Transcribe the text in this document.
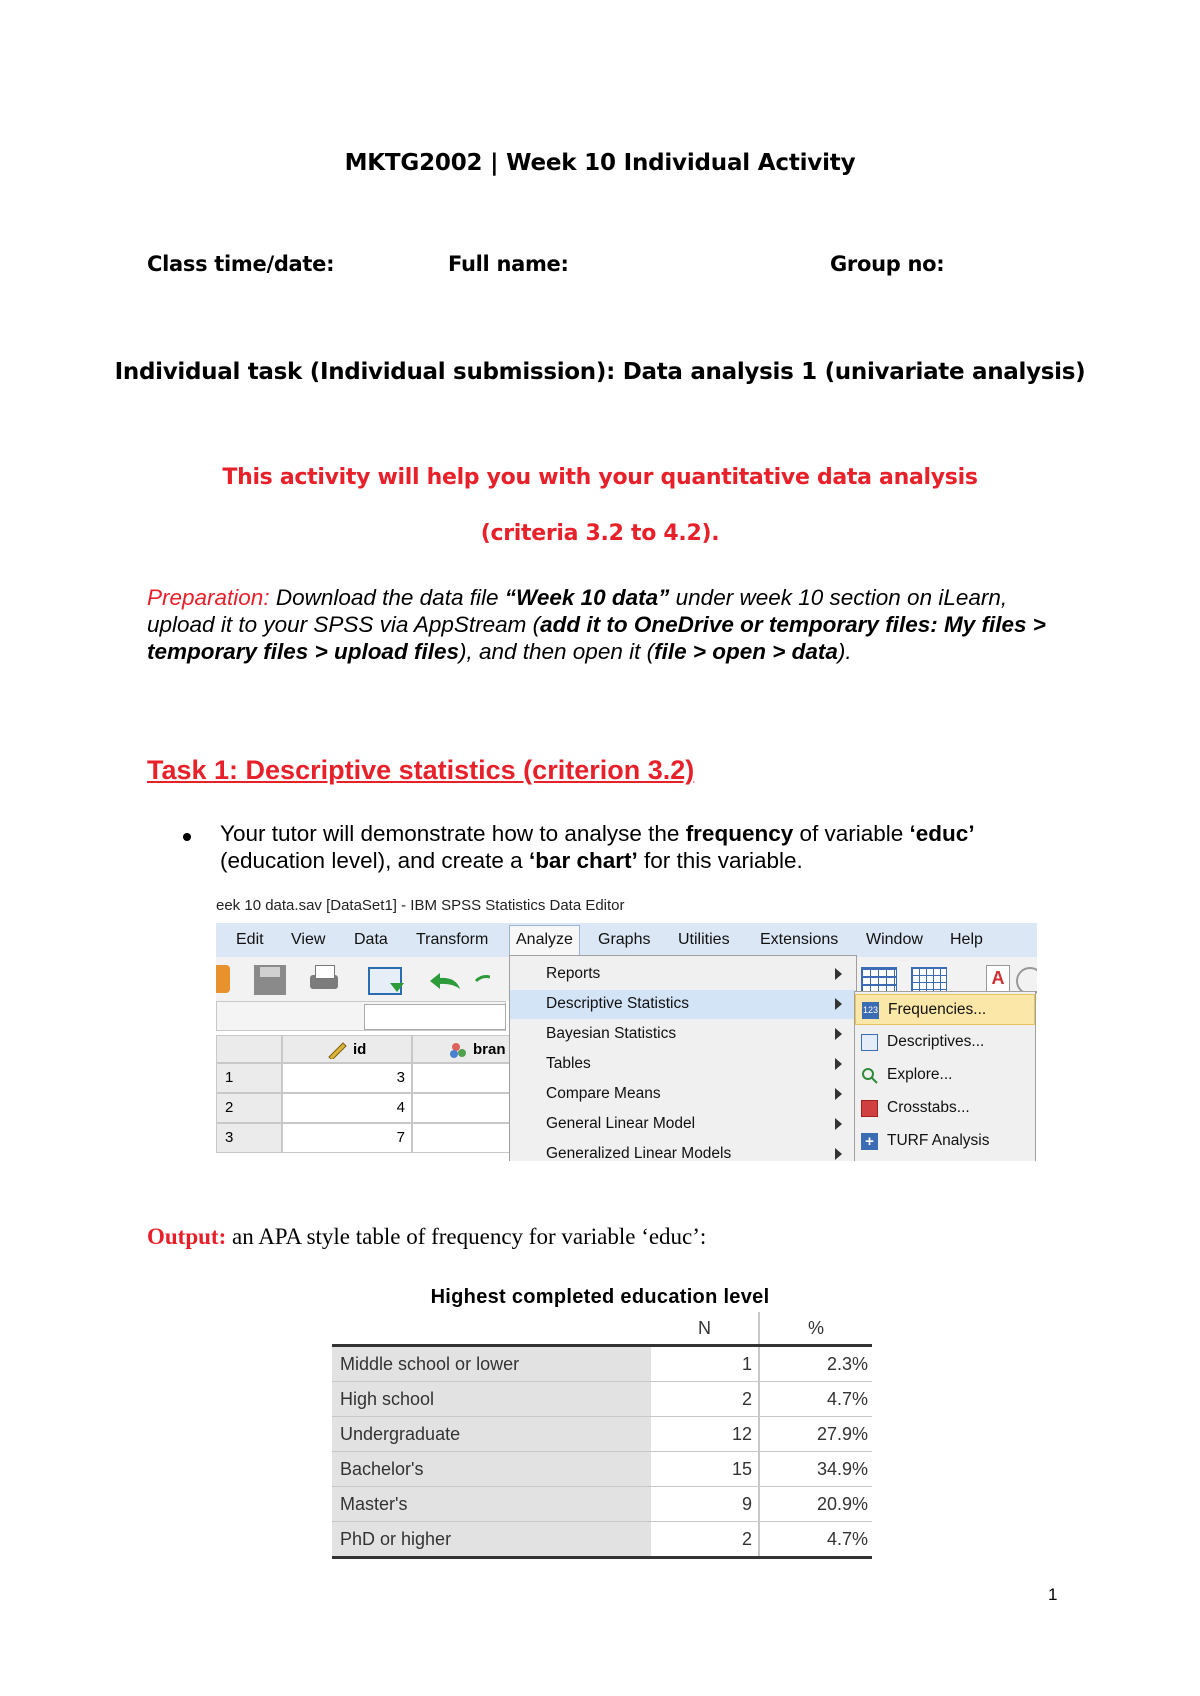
MKTG2002 | Week 10 Individual Activity
Class time/date:	Full name:	Group no:
Individual task (Individual submission): Data analysis 1 (univariate analysis)
This activity will help you with your quantitative data analysis
(criteria 3.2 to 4.2).
Preparation: Download the data file “Week 10 data” under week 10 section on iLearn, upload it to your SPSS via AppStream (add it to OneDrive or temporary files: My files > temporary files > upload files), and then open it (file > open > data).
Task 1: Descriptive statistics (criterion 3.2)
Your tutor will demonstrate how to analyse the frequency of variable ‘educ’ (education level), and create a ‘bar chart’ for this variable.
eek 10 data.sav [DataSet1] - IBM SPSS Statistics Data Editor
Edit View Data Transform	Analyze	Graphs Utilities Extensions Window Help
A
id	bran
1	3
2	4
3	7
Reports
Descriptive Statistics
Bayesian Statistics
Tables
Compare Means
General Linear Model
Generalized Linear Models
123 Frequencies...
Descriptives...
Explore...
Crosstabs...
+ TURF Analysis
Output: an APA style table of frequency for variable ‘educ’:
Highest completed education level
	N	%
Middle school or lower	1	2.3%
High school	2	4.7%
Undergraduate	12	27.9%
Bachelor's	15	34.9%
Master's	9	20.9%
PhD or higher	2	4.7%
1
